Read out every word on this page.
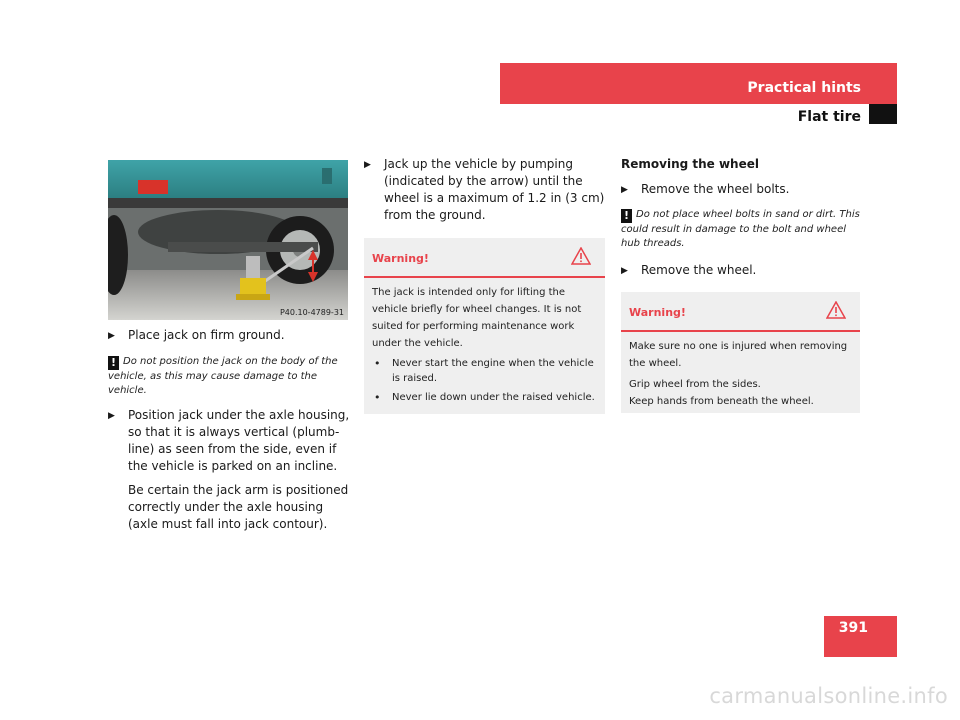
Practical hints
Flat tire
P40.10-4789-31
▶	Place jack on firm ground.
! Do not position the jack on the body of the vehicle, as this may cause damage to the vehicle.
▶	Position jack under the axle housing, so that it is always vertical (plumb-line) as seen from the side, even if the vehicle is parked on an incline.
Be certain the jack arm is positioned correctly under the axle housing (axle must fall into jack contour).
▶	Jack up the vehicle by pumping (indicated by the arrow) until the wheel is a maximum of 1.2 in (3 cm) from the ground.
Warning!

The jack is intended only for lifting the vehicle briefly for wheel changes. It is not suited for performing maintenance work under the vehicle.

• Never start the engine when the vehicle is raised.
• Never lie down under the raised vehicle.
Removing the wheel
▶	Remove the wheel bolts.
! Do not place wheel bolts in sand or dirt. This could result in damage to the bolt and wheel hub threads.
▶	Remove the wheel.
Warning!

Make sure no one is injured when removing the wheel.

Grip wheel from the sides.

Keep hands from beneath the wheel.

391
carmanualsonline.info
